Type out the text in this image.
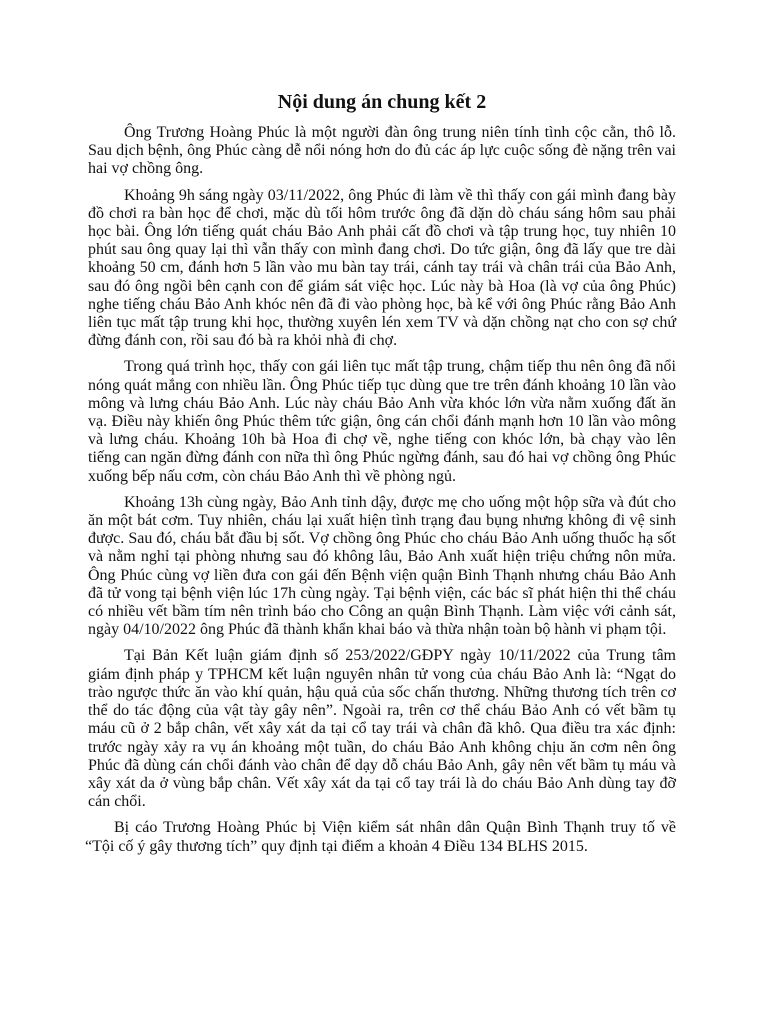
Nội dung án chung kết 2

Ông Trương Hoàng Phúc là một người đàn ông trung niên tính tình cộc cằn, thô lỗ. Sau dịch bệnh, ông Phúc càng dễ nổi nóng hơn do đủ các áp lực cuộc sống đè nặng trên vai hai vợ chồng ông.

Khoảng 9h sáng ngày 03/11/2022, ông Phúc đi làm về thì thấy con gái mình đang bày đồ chơi ra bàn học để chơi, mặc dù tối hôm trước ông đã dặn dò cháu sáng hôm sau phải học bài. Ông lớn tiếng quát cháu Bảo Anh phải cất đồ chơi và tập trung học, tuy nhiên 10 phút sau ông quay lại thì vẫn thấy con mình đang chơi. Do tức giận, ông đã lấy que tre dài khoảng 50 cm, đánh hơn 5 lần vào mu bàn tay trái, cánh tay trái và chân trái của Bảo Anh, sau đó ông ngồi bên cạnh con để giám sát việc học. Lúc này bà Hoa (là vợ của ông Phúc) nghe tiếng cháu Bảo Anh khóc nên đã đi vào phòng học, bà kể với ông Phúc rằng Bảo Anh liên tục mất tập trung khi học, thường xuyên lén xem TV và dặn chồng nạt cho con sợ chứ đừng đánh con, rồi sau đó bà ra khỏi nhà đi chợ.

Trong quá trình học, thấy con gái liên tục mất tập trung, chậm tiếp thu nên ông đã nổi nóng quát mắng con nhiều lần. Ông Phúc tiếp tục dùng que tre trên đánh khoảng 10 lần vào mông và lưng cháu Bảo Anh. Lúc này cháu Bảo Anh vừa khóc lớn vừa nằm xuống đất ăn vạ. Điều này khiến ông Phúc thêm tức giận, ông cán chổi đánh mạnh hơn 10 lần vào mông và lưng cháu. Khoảng 10h bà Hoa đi chợ về, nghe tiếng con khóc lớn, bà chạy vào lên tiếng can ngăn đừng đánh con nữa thì ông Phúc ngừng đánh, sau đó hai vợ chồng ông Phúc xuống bếp nấu cơm, còn cháu Bảo Anh thì về phòng ngủ.

Khoảng 13h cùng ngày, Bảo Anh tỉnh dậy, được mẹ cho uống một hộp sữa và đút cho ăn một bát cơm. Tuy nhiên, cháu lại xuất hiện tình trạng đau bụng nhưng không đi vệ sinh được. Sau đó, cháu bắt đầu bị sốt. Vợ chồng ông Phúc cho cháu Bảo Anh uống thuốc hạ sốt và nằm nghỉ tại phòng nhưng sau đó không lâu, Bảo Anh xuất hiện triệu chứng nôn mửa. Ông Phúc cùng vợ liền đưa con gái đến Bệnh viện quận Bình Thạnh nhưng cháu Bảo Anh đã tử vong tại bệnh viện lúc 17h cùng ngày. Tại bệnh viện, các bác sĩ phát hiện thi thể cháu có nhiều vết bầm tím nên trình báo cho Công an quận Bình Thạnh. Làm việc với cảnh sát, ngày 04/10/2022 ông Phúc đã thành khẩn khai báo và thừa nhận toàn bộ hành vi phạm tội.

Tại Bản Kết luận giám định số 253/2022/GĐPY ngày 10/11/2022 của Trung tâm giám định pháp y TPHCM kết luận nguyên nhân tử vong của cháu Bảo Anh là: “Ngạt do trào ngược thức ăn vào khí quản, hậu quả của sốc chấn thương. Những thương tích trên cơ thể do tác động của vật tày gây nên”. Ngoài ra, trên cơ thể cháu Bảo Anh có vết bầm tụ máu cũ ở 2 bắp chân, vết xây xát da tại cổ tay trái và chân đã khô. Qua điều tra xác định: trước ngày xảy ra vụ án khoảng một tuần, do cháu Bảo Anh không chịu ăn cơm nên ông Phúc đã dùng cán chổi đánh vào chân để dạy dỗ cháu Bảo Anh, gây nên vết bầm tụ máu và xây xát da ở vùng bắp chân. Vết xây xát da tại cổ tay trái là do cháu Bảo Anh dùng tay đỡ cán chổi.

Bị cáo Trương Hoàng Phúc bị Viện kiểm sát nhân dân Quận Bình Thạnh truy tố về “Tội cố ý gây thương tích” quy định tại điểm a khoản 4 Điều 134 BLHS 2015.
